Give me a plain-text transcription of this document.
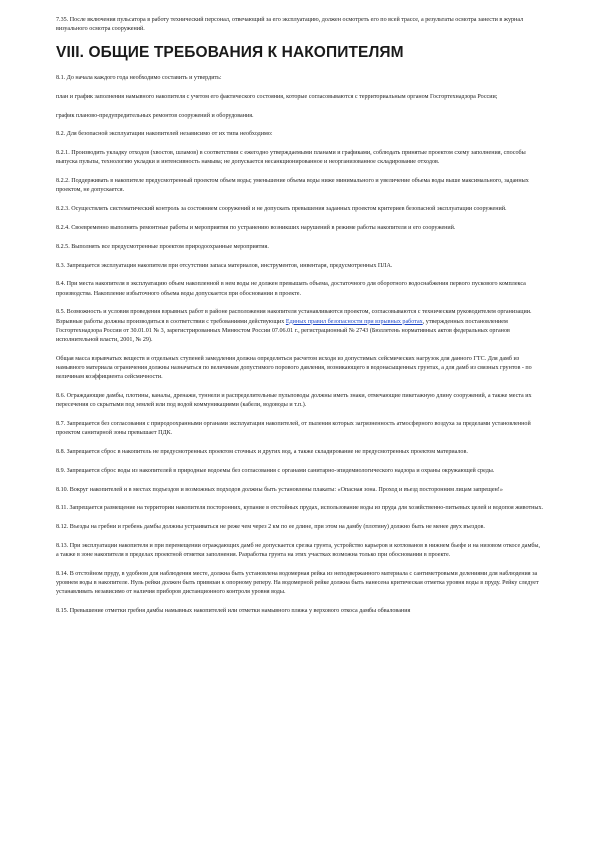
7.35. После включения пульсатора в работу технический персонал, отвечающий за его эксплуатацию, должен осмотреть его по всей трассе, а результаты осмотра занести в журнал визуального осмотра сооружений.

VIII. ОБЩИЕ ТРЕБОВАНИЯ К НАКОПИТЕЛЯМ

8.1. До начала каждого года необходимо составить и утвердить:

план и график заполнения намывного накопителя с учетом его фактического состояния, которые согласовываются с территориальным органом Госгортехнадзора России;

график планово-предупредительных ремонтов сооружений и оборудования.

8.2. Для безопасной эксплуатации накопителей независимо от их типа необходимо:

8.2.1. Производить укладку отходов (хвостов, шламов) в соответствии с ежегодно утверждаемыми планами и графиками, соблюдать принятые проектом схему заполнения, способы выпуска пульпы, технологию укладки и интенсивность намыва; не допускается несанкционированное и неорганизованное складирование отходов.

8.2.2. Поддерживать в накопителе предусмотренный проектом объем воды; уменьшение объема воды ниже минимального и увеличение объема воды выше максимального, заданных проектом, не допускается.

8.2.3. Осуществлять систематический контроль за состоянием сооружений и не допускать превышения заданных проектом критериев безопасной эксплуатации сооружений.

8.2.4. Своевременно выполнять ремонтные работы и мероприятия по устранению возникших нарушений в режиме работы накопителя и его сооружений.

8.2.5. Выполнять все предусмотренные проектом природоохранные мероприятия.

8.3. Запрещается эксплуатация накопителя при отсутствии запаса материалов, инструментов, инвентаря, предусмотренных ПЛА.

8.4. При места накопителя в эксплуатацию объем накопленной в нем воды не должен превышать объема, достаточного для оборотного водоснабжения первого пускового комплекса производства. Накопление избыточного объема воды допускается при обосновании в проекте.

8.5. Возможность и условия проведения взрывных работ в районе расположения накопителя устанавливаются проектом, согласовываются с техническим руководителем организации. Взрывные работы должны производиться в соответствии с требованиями действующих Единых правил безопасности при взрывных работах, утвержденных постановлением Госгортехнадзора России от 30.01.01 № 3, зарегистрированных Минюстом России 07.06.01 г., регистрационный № 2743 (Бюллетень нормативных актов федеральных органов исполнительной власти, 2001, № 29).

Общая масса взрывчатых веществ и отдельных ступеней замедления должна определяться расчетом исходя из допустимых сейсмических нагрузок для данного ГТС. Для дамб из намывного материала ограничения должны назначаться по величинам допустимого порового давления, возникающего в водонасыщенных грунтах, а для дамб из связных грунтов - по величинам коэффициента сейсмичности.

8.6. Ограждающие дамбы, плотины, каналы, дренажи, туннели и распределительные пульповоды должны иметь знаки, отмечающие пикетажную длину сооружений, а также места их пересечения со скрытыми под землей или под водой коммуникациями (кабели, водоводы и т.п.).

8.7. Запрещается без согласования с природоохранными органами эксплуатация накопителей, от пыления которых загрязненность атмосферного воздуха за пределами установленной проектом санитарной зоны превышает ПДК.

8.8. Запрещается сброс в накопитель не предусмотренных проектом сточных и других вод, а также складирование не предусмотренных проектом материалов.

8.9. Запрещается сброс воды из накопителей в природные водоемы без согласования с органами санитарно-эпидемиологического надзора и охраны окружающей среды.

8.10. Вокруг накопителей и в местах подъездов и возможных подходов должны быть установлены плакаты: «Опасная зона. Проход и въезд посторонним лицам запрещен!»

8.11. Запрещается размещение на территории накопителя посторонних, купание в отстойных прудах, использование воды из пруда для хозяйственно-питьевых целей и водопоя животных.

8.12. Въезды на гребни и гребень дамбы должны устраиваться не реже чем через 2 км по ее длине, при этом на дамбу (плотину) должно быть не менее двух въездов.

8.13. При эксплуатации накопителя и при перемещении ограждающих дамб не допускается срезка грунта, устройство карьеров и котлованов в нижнем бьефе и на низовом откосе дамбы, а также в зоне накопителя в пределах проектной отметки заполнения. Разработка грунта на этих участках возможна только при обосновании в проекте.

8.14. В отстойном пруду, в удобном для наблюдения месте, должна быть установлена водомерная рейка из неподвержанного материала с сантиметровыми делениями для наблюдения за уровнем воды в накопителе. Нуль рейки должен быть привязан к опорному реперу. На водомерной рейке должна быть нанесена критическая отметка уровня воды в пруду. Рейку следует устанавливать независимо от наличия приборов дистанционного контроля уровня воды.

8.15. Превышение отметки гребня дамбы намывных накопителей или отметки намывного пляжа у верхового откоса дамбы обвалования
